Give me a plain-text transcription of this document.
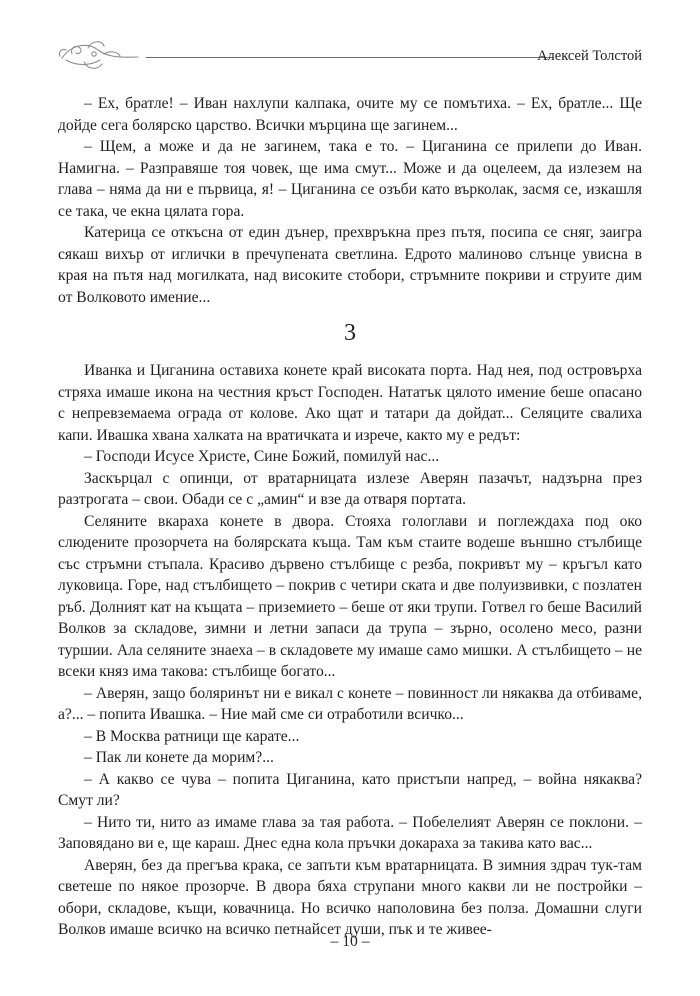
Алексей Толстой

– Ех, братле! – Иван нахлупи калпака, очите му се помътиха. – Ех, братле... Ще дойде сега болярско царство. Всички мърцина ще загинем...

– Щем, а може и да не загинем, така е то. – Циганина се прилепи до Иван. Намигна. – Разправяше тоя човек, ще има смут... Може и да оцелеем, да излезем на глава – няма да ни е първица, я! – Циганина се озъби като върколак, засмя се, изкашля се така, че екна цялата гора.

Катерица се откъсна от един дънер, прехвръкна през пътя, посипа се сняг, заигра сякаш вихър от иглички в пречупената светлина. Едрото малиново слънце увисна в края на пътя над могилката, над високите стобори, стръмните покриви и струите дим от Волковото имение...

3

Иванка и Циганина оставиха конете край високата порта. Над нея, под островърха стряха имаше икона на честния кръст Господен. Нататък цялото имение беше опасано с непревземаема ограда от колове. Ако щат и татари да дойдат... Селяците свалиха капи. Ивашка хвана халката на вратичката и изрече, както му е редът:

– Господи Исусе Христе, Сине Божий, помилуй нас...

Заскърцал с опинци, от вратарницата излезе Аверян пазачът, надзърна през разтрогата – свои. Обади се с „амин“ и взе да отваря портата.

Селяните вкараха конете в двора. Стояха гологлави и поглеждаха под око слюдените прозорчета на болярската къща. Там към стаите водеше външно стълбище със стръмни стъпала. Красиво дървено стълбище с резба, покривът му – кръгъл като луковица. Горе, над стълбището – покрив с четири ската и две полуизвивки, с позлатен ръб. Долният кат на къщата – приземието – беше от яки трупи. Готвел го беше Василий Волков за складове, зимни и летни запаси да трупа – зърно, осолено месо, разни туршии. Ала селяните знаеха – в складовете му имаше само мишки. А стълбището – не всеки княз има такова: стълбище богато...

– Аверян, защо боляринът ни е викал с конете – повинност ли някаква да отбиваме, а?... – попита Ивашка. – Ние май сме си отработили всичко...

– В Москва ратници ще карате...

– Пак ли конете да морим?...

– А какво се чува – попита Циганина, като пристъпи напред, – война някаква? Смут ли?

– Нито ти, нито аз имаме глава за тая работа. – Побелелият Аверян се поклони. – Заповядано ви е, ще караш. Днес една кола пръчки докараха за такива като вас...

Аверян, без да прегъва крака, се запъти към вратарницата. В зимния здрач тук-там светеше по някое прозорче. В двора бяха струпани много какви ли не постройки – обори, складове, къщи, ковачница. Но всичко наполовина без полза. Домашни слуги Волков имаше всичко на всичко петнайсет души, пък и те живее-

– 10 –
